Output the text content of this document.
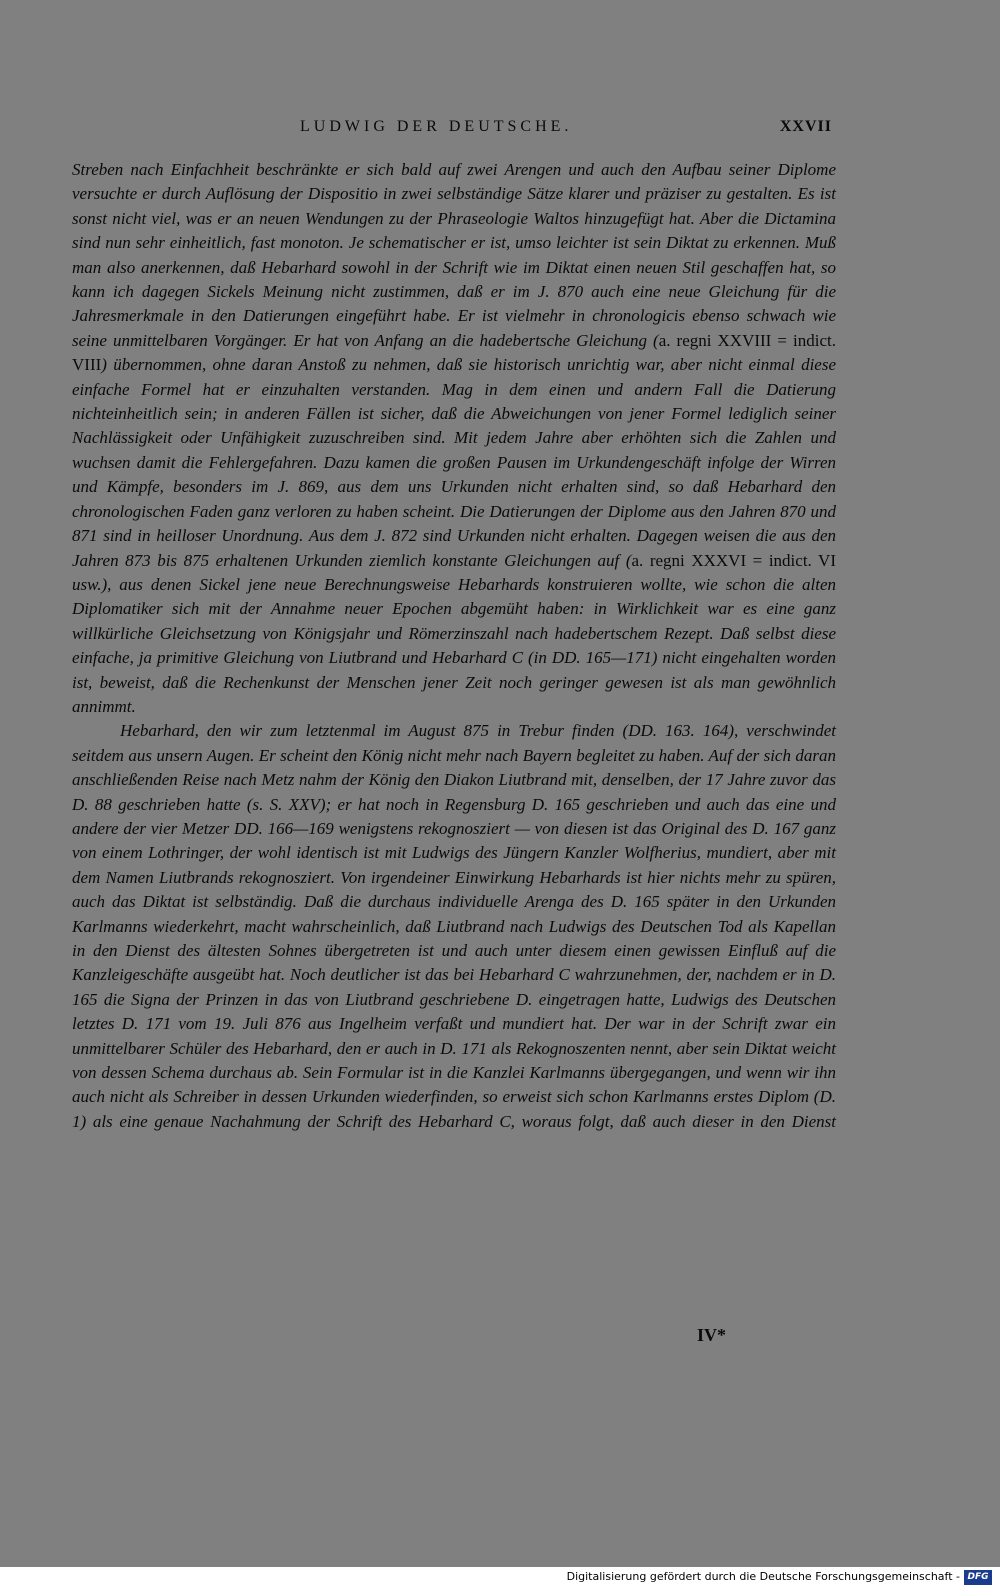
LUDWIG DER DEUTSCHE.	XXVII

Streben nach Einfachheit beschränkte er sich bald auf zwei Arengen und auch den Aufbau seiner Diplome versuchte er durch Auflösung der Dispositio in zwei selbständige Sätze klarer und präziser zu gestalten. Es ist sonst nicht viel, was er an neuen Wendungen zu der Phraseologie Waltos hinzugefügt hat. Aber die Dictamina sind nun sehr einheitlich, fast monoton. Je schematischer er ist, umso leichter ist sein Diktat zu erkennen. Muß man also anerkennen, daß Hebarhard sowohl in der Schrift wie im Diktat einen neuen Stil geschaffen hat, so kann ich dagegen Sickels Meinung nicht zustimmen, daß er im J. 870 auch eine neue Gleichung für die Jahresmerkmale in den Datierungen eingeführt habe. Er ist vielmehr in chronologicis ebenso schwach wie seine unmittelbaren Vorgänger. Er hat von Anfang an die hadebertsche Gleichung (a. regni XXVIII = indict. VIII) übernommen, ohne daran Anstoß zu nehmen, daß sie historisch unrichtig war, aber nicht einmal diese einfache Formel hat er einzuhalten verstanden. Mag in dem einen und andern Fall die Datierung nichteinheitlich sein; in anderen Fällen ist sicher, daß die Abweichungen von jener Formel lediglich seiner Nachlässigkeit oder Unfähigkeit zuzuschreiben sind. Mit jedem Jahre aber erhöhten sich die Zahlen und wuchsen damit die Fehlergefahren. Dazu kamen die großen Pausen im Urkundengeschäft infolge der Wirren und Kämpfe, besonders im J. 869, aus dem uns Urkunden nicht erhalten sind, so daß Hebarhard den chronologischen Faden ganz verloren zu haben scheint. Die Datierungen der Diplome aus den Jahren 870 und 871 sind in heilloser Unordnung. Aus dem J. 872 sind Urkunden nicht erhalten. Dagegen weisen die aus den Jahren 873 bis 875 erhaltenen Urkunden ziemlich konstante Gleichungen auf (a. regni XXXVI = indict. VI usw.), aus denen Sickel jene neue Berechnungsweise Hebarhards konstruieren wollte, wie schon die alten Diplomatiker sich mit der Annahme neuer Epochen abgemüht haben: in Wirklichkeit war es eine ganz willkürliche Gleichsetzung von Königsjahr und Römerzinszahl nach hadebertschem Rezept. Daß selbst diese einfache, ja primitive Gleichung von Liutbrand und Hebarhard C (in DD. 165—171) nicht eingehalten worden ist, beweist, daß die Rechenkunst der Menschen jener Zeit noch geringer gewesen ist als man gewöhnlich annimmt.

Hebarhard, den wir zum letztenmal im August 875 in Trebur finden (DD. 163. 164), verschwindet seitdem aus unsern Augen. Er scheint den König nicht mehr nach Bayern begleitet zu haben. Auf der sich daran anschließenden Reise nach Metz nahm der König den Diakon Liutbrand mit, denselben, der 17 Jahre zuvor das D. 88 geschrieben hatte (s. S. XXV); er hat noch in Regensburg D. 165 geschrieben und auch das eine und andere der vier Metzer DD. 166—169 wenigstens rekognosziert — von diesen ist das Original des D. 167 ganz von einem Lothringer, der wohl identisch ist mit Ludwigs des Jüngern Kanzler Wolfherius, mundiert, aber mit dem Namen Liutbrands rekognosziert. Von irgendeiner Einwirkung Hebarhards ist hier nichts mehr zu spüren, auch das Diktat ist selbständig. Daß die durchaus individuelle Arenga des D. 165 später in den Urkunden Karlmanns wiederkehrt, macht wahrscheinlich, daß Liutbrand nach Ludwigs des Deutschen Tod als Kapellan in den Dienst des ältesten Sohnes übergetreten ist und auch unter diesem einen gewissen Einfluß auf die Kanzleigeschäfte ausgeübt hat. Noch deutlicher ist das bei Hebarhard C wahrzunehmen, der, nachdem er in D. 165 die Signa der Prinzen in das von Liutbrand geschriebene D. eingetragen hatte, Ludwigs des Deutschen letztes D. 171 vom 19. Juli 876 aus Ingelheim verfaßt und mundiert hat. Der war in der Schrift zwar ein unmittelbarer Schüler des Hebarhard, den er auch in D. 171 als Rekognoszenten nennt, aber sein Diktat weicht von dessen Schema durchaus ab. Sein Formular ist in die Kanzlei Karlmanns übergegangen, und wenn wir ihn auch nicht als Schreiber in dessen Urkunden wiederfinden, so erweist sich schon Karlmanns erstes Diplom (D. 1) als eine genaue Nachahmung der Schrift des Hebarhard C, woraus folgt, daß auch dieser in den Dienst

IV*
Digitalisierung gefördert durch die Deutsche Forschungsgemeinschaft - DFG
